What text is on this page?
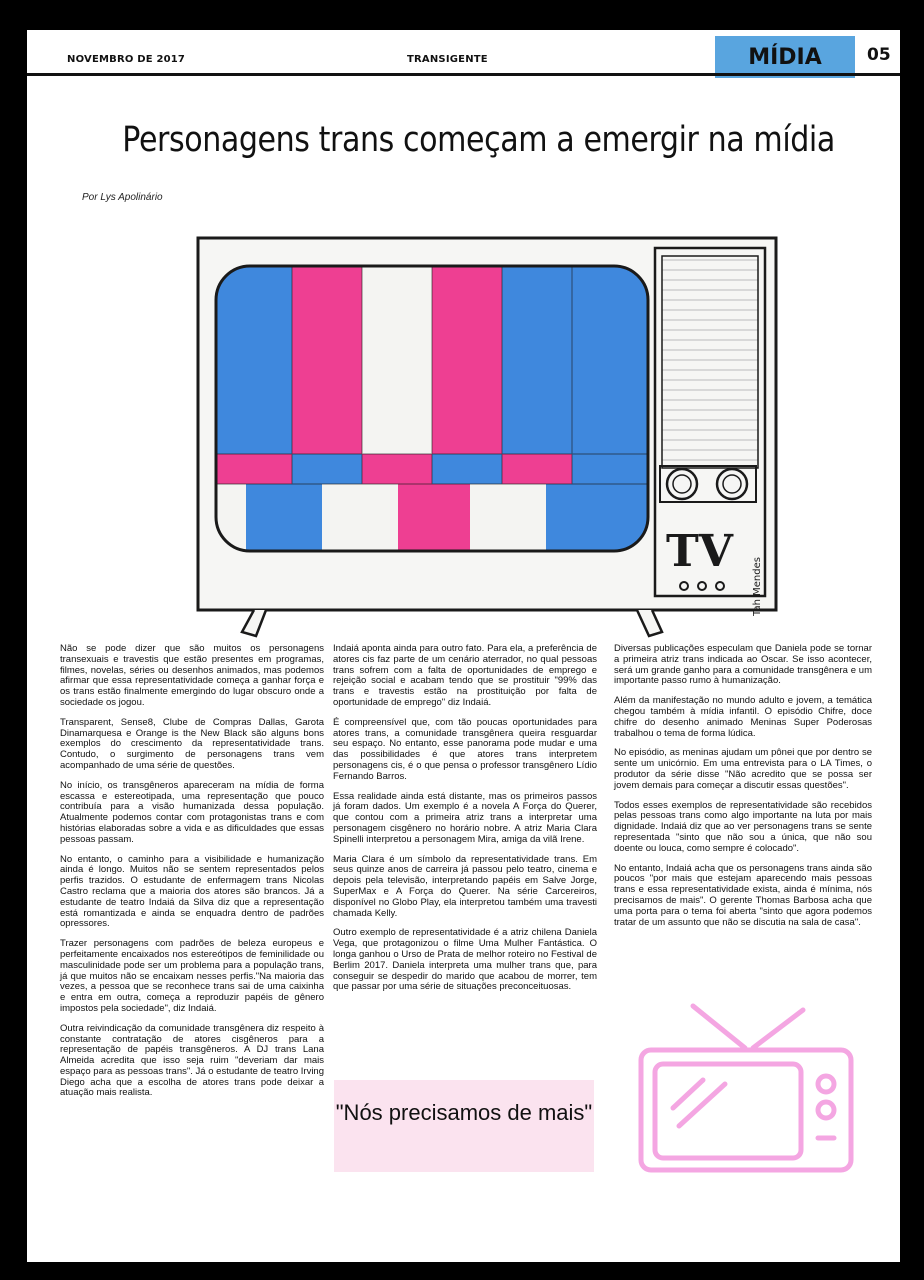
NOVEMBRO DE 2017	TRANSIGENTE	MÍDIA	05
Personagens trans começam a emergir na mídia
Por Lys Apolinário
TV
Tah Mendes

Não se pode dizer que são muitos os personagens transexuais e travestis que estão presentes em programas, filmes, novelas, séries ou desenhos animados, mas podemos afirmar que essa representatividade começa a ganhar força e os trans estão finalmente emergindo do lugar obscuro onde a sociedade os jogou.

Transparent, Sense8, Clube de Compras Dallas, Garota Dinamarquesa e Orange is the New Black são alguns bons exemplos do crescimento da representatividade trans. Contudo, o surgimento de personagens trans vem acompanhado de uma série de questões.

No início, os transgêneros apareceram na mídia de forma escassa e estereotipada, uma representação que pouco contribuía para a visão humanizada dessa população. Atualmente podemos contar com protagonistas trans e com histórias elaboradas sobre a vida e as dificuldades que essas pessoas passam.

No entanto, o caminho para a visibilidade e humanização ainda é longo. Muitos não se sentem representados pelos perfis trazidos. O estudante de enfermagem trans Nicolas Castro reclama que a maioria dos atores são brancos. Já a estudante de teatro Indaiá da Silva diz que a representação está romantizada e ainda se enquadra dentro de padrões opressores.

Trazer personagens com padrões de beleza europeus e perfeitamente encaixados nos estereótipos de feminilidade ou masculinidade pode ser um problema para a população trans, já que muitos não se encaixam nesses perfis."Na maioria das vezes, a pessoa que se reconhece trans sai de uma caixinha e entra em outra, começa a reproduzir papéis de gênero impostos pela sociedade", diz Indaiá.

Outra reivindicação da comunidade transgênera diz respeito à constante contratação de atores cisgêneros para a representação de papéis transgêneros. A DJ trans Lana Almeida acredita que isso seja ruim "deveriam dar mais espaço para as pessoas trans". Já o estudante de teatro Irving Diego acha que a escolha de atores trans pode deixar a atuação mais realista.

Indaiá aponta ainda para outro fato. Para ela, a preferência de atores cis faz parte de um cenário aterrador, no qual pessoas trans sofrem com a falta de oportunidades de emprego e rejeição social e acabam tendo que se prostituir "99% das trans e travestis estão na prostituição por falta de oportunidade de emprego" diz Indaiá.

É compreensível que, com tão poucas oportunidades para atores trans, a comunidade transgênera queira resguardar seu espaço. No entanto, esse panorama pode mudar e uma das possibilidades é que atores trans interpretem personagens cis, é o que pensa o professor transgênero Lídio Fernando Barros.

Essa realidade ainda está distante, mas os primeiros passos já foram dados. Um exemplo é a novela A Força do Querer, que contou com a primeira atriz trans a interpretar uma personagem cisgênero no horário nobre. A atriz Maria Clara Spinelli interpretou a personagem Mira, amiga da vilã Irene.

Maria Clara é um símbolo da representatividade trans. Em seus quinze anos de carreira já passou pelo teatro, cinema e depois pela televisão, interpretando papéis em Salve Jorge, SuperMax e A Força do Querer. Na série Carcereiros, disponível no Globo Play, ela interpretou também uma travesti chamada Kelly.

Outro exemplo de representatividade é a atriz chilena Daniela Vega, que protagonizou o filme Uma Mulher Fantástica. O longa ganhou o Urso de Prata de melhor roteiro no Festival de Berlim 2017. Daniela interpreta uma mulher trans que, para conseguir se despedir do marido que acabou de morrer, tem que passar por uma série de situações preconceituosas.

"Nós precisamos de mais"

Diversas publicações especulam que Daniela pode se tornar a primeira atriz trans indicada ao Oscar. Se isso acontecer, será um grande ganho para a comunidade transgênera e um importante passo rumo à humanização.

Além da manifestação no mundo adulto e jovem, a temática chegou também à mídia infantil. O episódio Chifre, doce chifre do desenho animado Meninas Super Poderosas trabalhou o tema de forma lúdica.

No episódio, as meninas ajudam um pônei que por dentro se sente um unicórnio. Em uma entrevista para o LA Times, o produtor da série disse "Não acredito que se possa ser jovem demais para começar a discutir essas questões".

Todos esses exemplos de representatividade são recebidos pelas pessoas trans como algo importante na luta por mais dignidade. Indaiá diz que ao ver personagens trans se sente representada "sinto que não sou a única, que não sou doente ou louca, como sempre é colocado".

No entanto, Indaiá acha que os personagens trans ainda são poucos "por mais que estejam aparecendo mais pessoas trans e essa representatividade exista, ainda é mínima, nós precisamos de mais". O gerente Thomas Barbosa acha que uma porta para o tema foi aberta "sinto que agora podemos tratar de um assunto que não se discutia na sala de casa".
